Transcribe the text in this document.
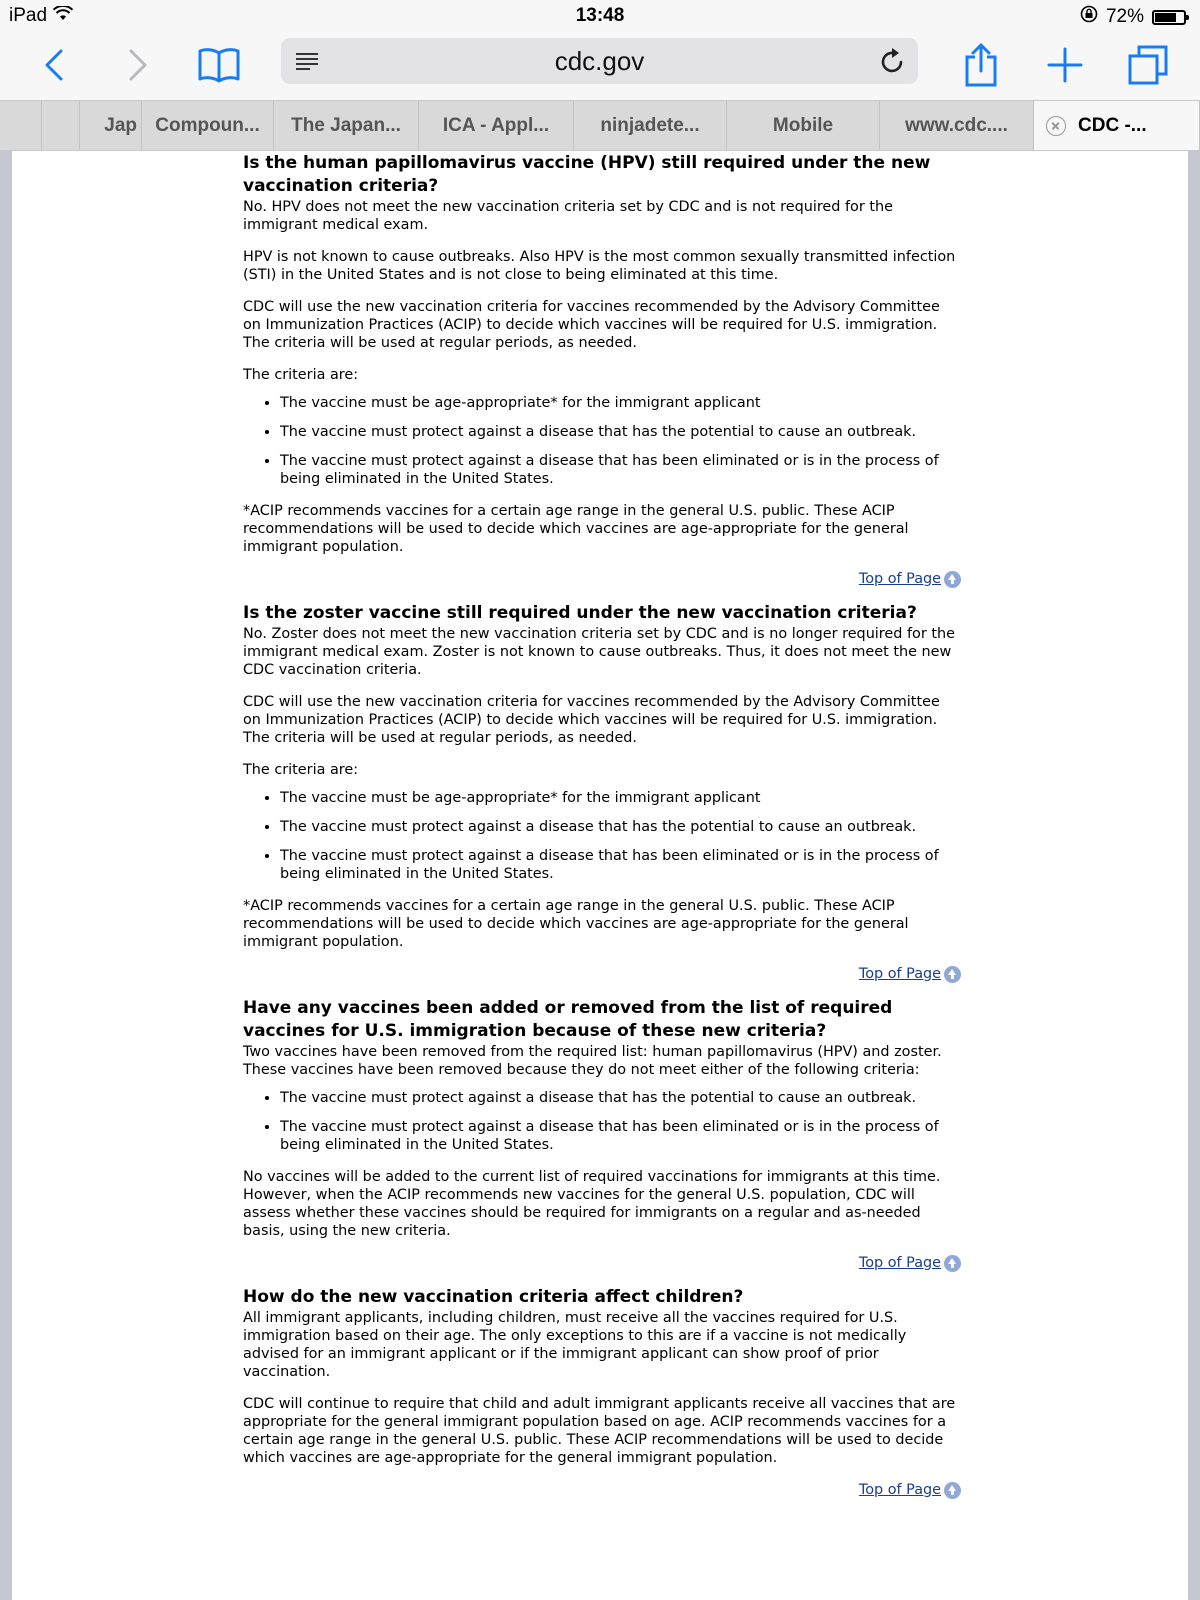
iPad	13:48	72%
cdc.gov
Jap Compoun... The Japan... ICA - Appl...	ninjadete...	Mobile	www.cdc....	CDC -...
Is the human papillomavirus vaccine (HPV) still required under the new vaccination criteria?

No. HPV does not meet the new vaccination criteria set by CDC and is not required for the immigrant medical exam.

HPV is not known to cause outbreaks. Also HPV is the most common sexually transmitted infection (STI) in the United States and is not close to being eliminated at this time.

CDC will use the new vaccination criteria for vaccines recommended by the Advisory Committee on Immunization Practices (ACIP) to decide which vaccines will be required for U.S. immigration. The criteria will be used at regular periods, as needed.

The criteria are:

• The vaccine must be age-appropriate* for the immigrant applicant
• The vaccine must protect against a disease that has the potential to cause an outbreak.
• The vaccine must protect against a disease that has been eliminated or is in the process of being eliminated in the United States.

*ACIP recommends vaccines for a certain age range in the general U.S. public. These ACIP recommendations will be used to decide which vaccines are age-appropriate for the general immigrant population.

Top of Page
Is the zoster vaccine still required under the new vaccination criteria?

No. Zoster does not meet the new vaccination criteria set by CDC and is no longer required for the immigrant medical exam. Zoster is not known to cause outbreaks. Thus, it does not meet the new CDC vaccination criteria.

CDC will use the new vaccination criteria for vaccines recommended by the Advisory Committee on Immunization Practices (ACIP) to decide which vaccines will be required for U.S. immigration. The criteria will be used at regular periods, as needed.

The criteria are:

• The vaccine must be age-appropriate* for the immigrant applicant
• The vaccine must protect against a disease that has the potential to cause an outbreak.
• The vaccine must protect against a disease that has been eliminated or is in the process of being eliminated in the United States.

*ACIP recommends vaccines for a certain age range in the general U.S. public. These ACIP recommendations will be used to decide which vaccines are age-appropriate for the general immigrant population.

Top of Page
Have any vaccines been added or removed from the list of required vaccines for U.S. immigration because of these new criteria?

Two vaccines have been removed from the required list: human papillomavirus (HPV) and zoster. These vaccines have been removed because they do not meet either of the following criteria:

• The vaccine must protect against a disease that has the potential to cause an outbreak.
• The vaccine must protect against a disease that has been eliminated or is in the process of being eliminated in the United States.

No vaccines will be added to the current list of required vaccinations for immigrants at this time. However, when the ACIP recommends new vaccines for the general U.S. population, CDC will assess whether these vaccines should be required for immigrants on a regular and as-needed basis, using the new criteria.

Top of Page
How do the new vaccination criteria affect children?

All immigrant applicants, including children, must receive all the vaccines required for U.S. immigration based on their age. The only exceptions to this are if a vaccine is not medically advised for an immigrant applicant or if the immigrant applicant can show proof of prior vaccination.

CDC will continue to require that child and adult immigrant applicants receive all vaccines that are appropriate for the general immigrant population based on age. ACIP recommends vaccines for a certain age range in the general U.S. public. These ACIP recommendations will be used to decide which vaccines are age-appropriate for the general immigrant population.

Top of Page
